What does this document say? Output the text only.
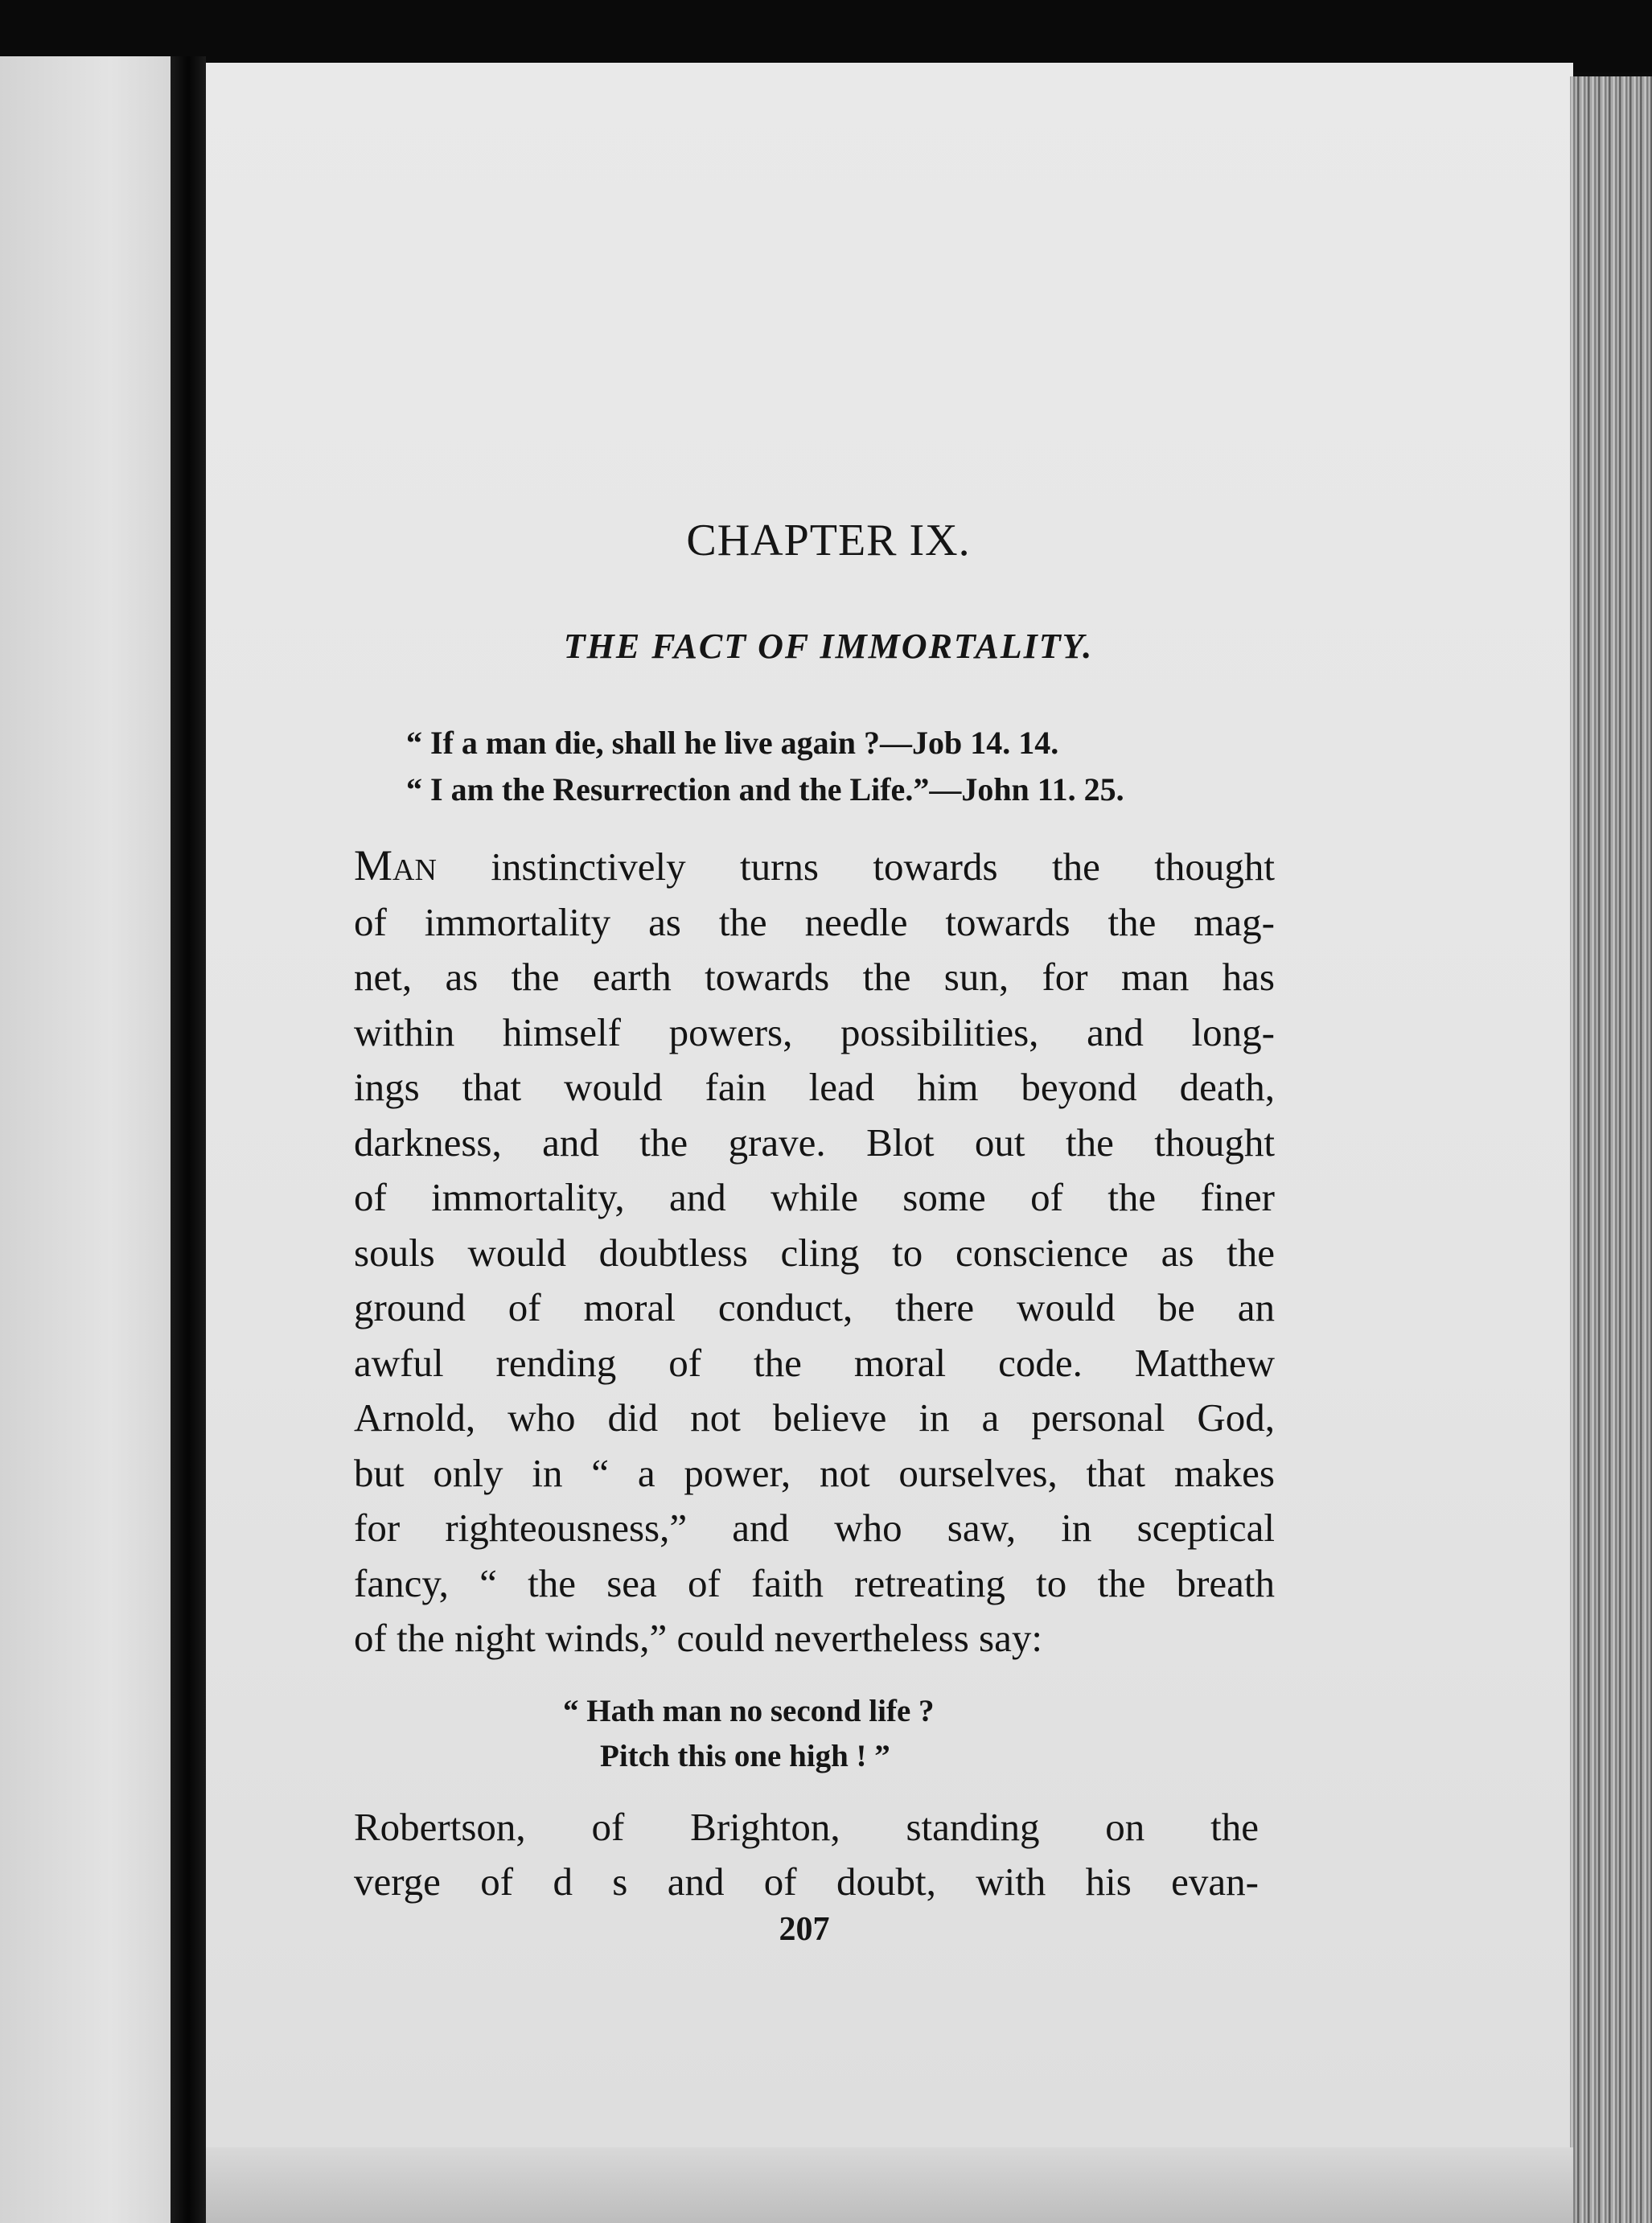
CHAPTER IX.
THE FACT OF IMMORTALITY.
“ If a man die, shall he live again ?—Job 14. 14.
“ I am the Resurrection and the Life.”—John 11. 25.
Man instinctively turns towards the thought
of immortality as the needle towards the mag-
net, as the earth towards the sun, for man has
within himself powers, possibilities, and long-
ings that would fain lead him beyond death,
darkness, and the grave. Blot out the thought
of immortality, and while some of the finer
souls would doubtless cling to conscience as the
ground of moral conduct, there would be an
awful rending of the moral code. Matthew
Arnold, who did not believe in a personal God,
but only in “ a power, not ourselves, that makes
for righteousness,” and who saw, in sceptical
fancy, “ the sea of faith retreating to the breath
of the night winds,” could nevertheless say:
“ Hath man no second life ?
Pitch this one high ! ”
Robertson, of Brighton, standing on the
verge of d s and of doubt, with his evan-
207
